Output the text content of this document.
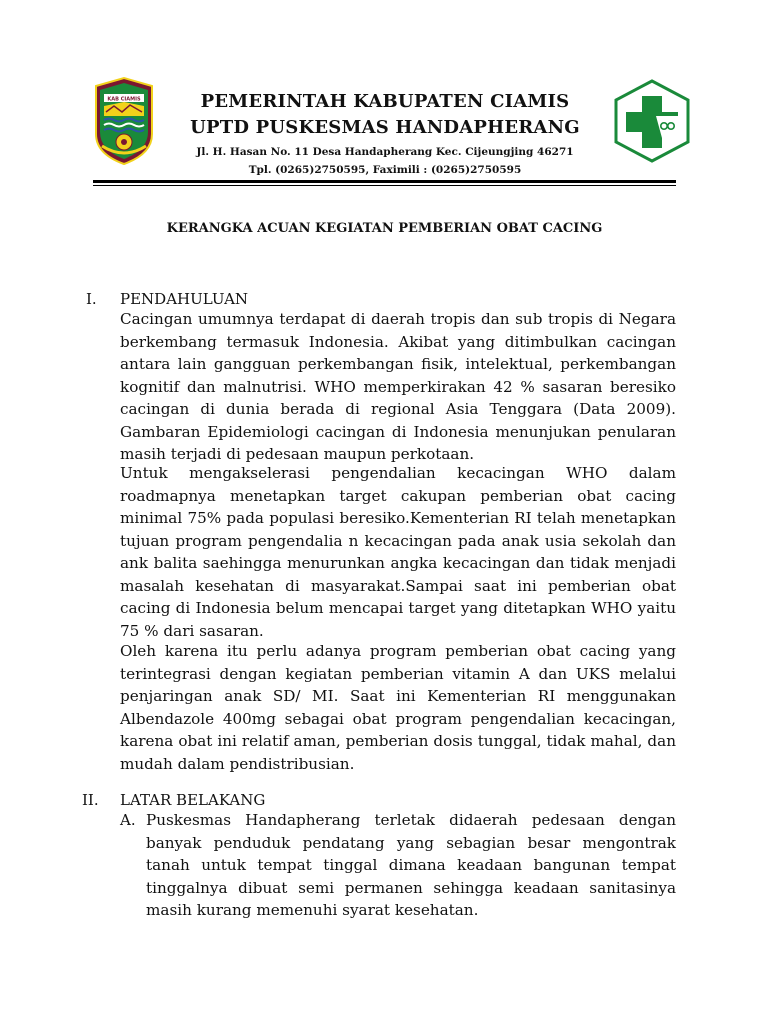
KAB CIAMIS	PEMERINTAH KABUPATEN CIAMIS
UPTD PUSKESMAS HANDAPHERANG
Jl. H. Hasan No. 11 Desa Handapherang Kec. Cijeungjing 46271
Tpl. (0265)2750595, Faximili : (0265)2750595
KERANGKA ACUAN KEGIATAN PEMBERIAN OBAT CACING
I. PENDAHULUAN

Cacingan umumnya terdapat di daerah tropis dan sub tropis di Negara berkembang termasuk Indonesia. Akibat yang ditimbulkan cacingan antara lain gangguan perkembangan fisik, intelektual, perkembangan kognitif dan malnutrisi. WHO memperkirakan 42 % sasaran beresiko cacingan di dunia berada di regional Asia Tenggara (Data 2009). Gambaran Epidemiologi cacingan di Indonesia menunjukan penularan masih terjadi di pedesaan maupun perkotaan.

Untuk mengakselerasi pengendalian kecacingan WHO dalam roadmapnya menetapkan target cakupan pemberian obat cacing minimal 75% pada populasi beresiko.Kementerian RI telah menetapkan tujuan program pengendalia n kecacingan pada anak usia sekolah dan ank balita saehingga menurunkan angka kecacingan dan tidak menjadi masalah kesehatan di masyarakat.Sampai saat ini pemberian obat cacing di Indonesia belum mencapai target yang ditetapkan WHO yaitu 75 % dari sasaran.

Oleh karena itu perlu adanya program pemberian obat cacing yang terintegrasi dengan kegiatan pemberian vitamin A dan UKS melalui penjaringan anak SD/ MI. Saat ini Kementerian RI menggunakan Albendazole 400mg sebagai obat program pengendalian kecacingan, karena obat ini relatif aman, pemberian dosis tunggal, tidak mahal, dan mudah dalam pendistribusian.

II. LATAR BELAKANG
A. Puskesmas Handapherang terletak didaerah pedesaan dengan banyak penduduk pendatang yang sebagian besar mengontrak tanah untuk tempat tinggal dimana keadaan bangunan tempat tinggalnya dibuat semi permanen sehingga keadaan sanitasinya masih kurang memenuhi syarat kesehatan.
